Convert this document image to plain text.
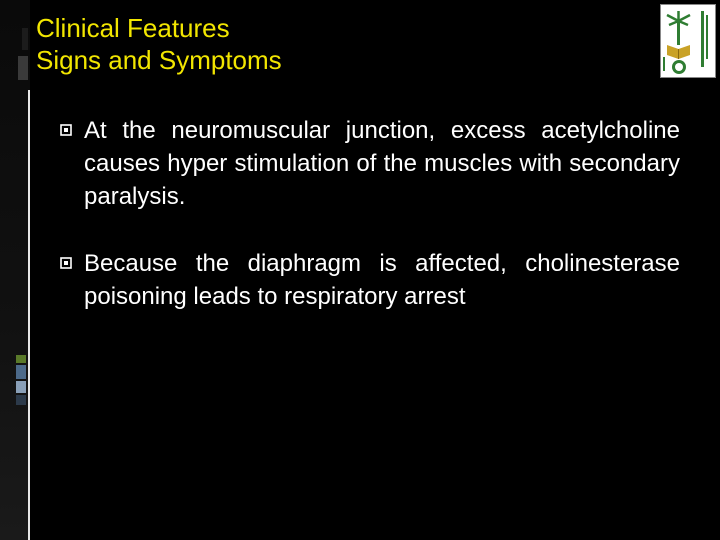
Clinical Features
Signs and Symptoms
At the neuromuscular junction, excess acetylcholine causes hyper stimulation of the muscles with secondary paralysis.
Because the diaphragm is affected, cholinesterase poisoning leads to respiratory arrest
